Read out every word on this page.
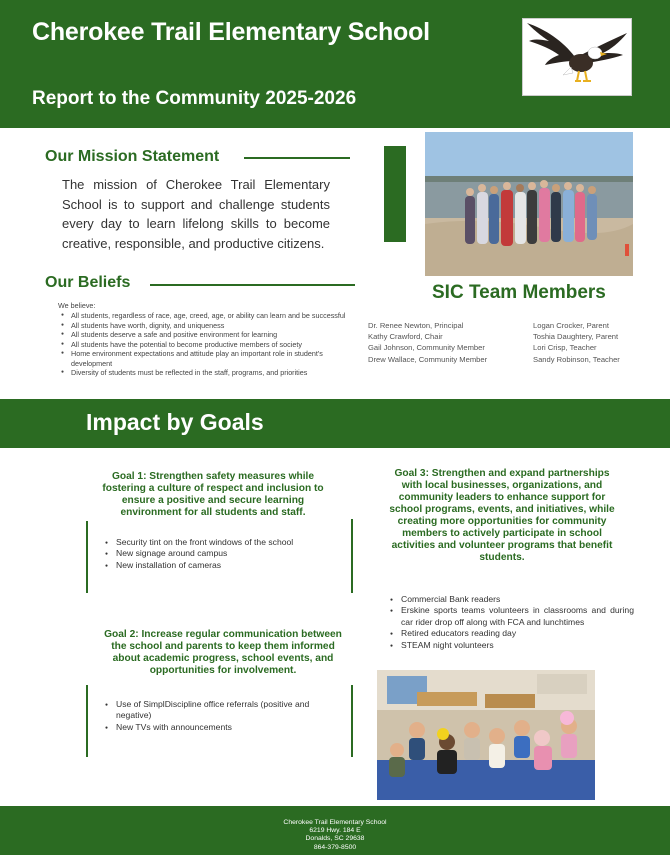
Cherokee Trail Elementary School
Report to the Community 2025-2026
Our Mission Statement
The mission of Cherokee Trail Elementary School is to support and challenge students every day to learn lifelong skills to become creative, responsible, and productive citizens.
Our Beliefs
We believe:
● All students, regardless of race, age, creed, age, or ability can learn and be successful
● All students have worth, dignity, and uniqueness
● All students deserve a safe and positive environment for learning
● All students have the potential to become productive members of society
● Home environment expectations and attitude play an important role in student's development
● Diversity of students must be reflected in the staff, programs, and priorities
SIC Team Members
Dr. Renee Newton, Principal
Kathy Crawford, Chair
Gail Johnson, Community Member
Drew Wallace, Community Member
Logan Crocker, Parent
Toshia Daughtery, Parent
Lori Crisp, Teacher
Sandy Robinson, Teacher
Impact by Goals
Goal 1: Strengthen safety measures while fostering a culture of respect and inclusion to ensure a positive and secure learning environment for all students and staff.
● Security tint on the front windows of the school
● New signage around campus
● New installation of cameras
Goal 2: Increase regular communication between the school and parents to keep them informed about academic progress, school events, and opportunities for involvement.
● Use of SimplDiscipline office referrals (positive and negative)
● New TVs with announcements
Goal 3: Strengthen and expand partnerships with local businesses, organizations, and community leaders to enhance support for school programs, events, and initiatives, while creating more opportunities for community members to actively participate in school activities and volunteer programs that benefit students.
● Commercial Bank readers
● Erskine sports teams volunteers in classrooms and during car rider drop off along with FCA and lunchtimes
● Retired educators reading day
● STEAM night volunteers
Cherokee Trail Elementary School
6219 Hwy. 184 E
Donalds, SC 29638
864-379-8500
